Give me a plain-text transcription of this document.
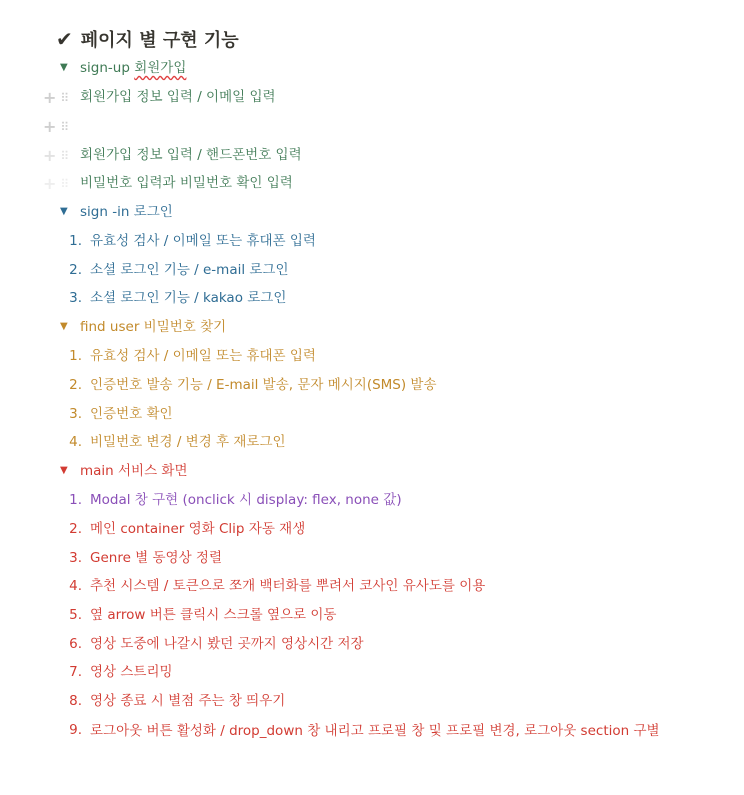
✔ 페이지 별 구현 기능
▼ sign-up
회원가입
+ ⠿ 회원가입 정보 입력 / 이메일 입력
+ ⠿
+ ⠿ 회원가입 정보 입력 / 핸드폰번호 입력
+ ⠿ 비밀번호 입력과 비밀번호 확인 입력
▼ sign -in 로그인
1. 유효성 검사 / 이메일 또는 휴대폰 입력
2. 소셜 로그인 기능 / e-mail 로그인
3. 소셜 로그인 기능 / kakao 로그인
▼ find user 비밀번호 찾기
1. 유효성 검사 / 이메일 또는 휴대폰 입력
2. 인증번호 발송 기능 / E-mail 발송, 문자 메시지(SMS) 발송
3. 인증번호 확인
4. 비밀번호 변경 / 변경 후 재로그인
▼ main 서비스 화면
1. Modal 창 구현 (onclick 시 display: flex, none 값)
2. 메인 container 영화 Clip 자동 재생
3. Genre 별 동영상 정렬
4. 추천 시스템 / 토큰으로 쪼개 백터화를 뿌려서 코사인 유사도를 이용
5. 옆 arrow 버튼 클릭시 스크롤 옆으로 이동
6. 영상 도중에 나갈시 봤던 곳까지 영상시간 저장
7. 영상 스트리밍
8. 영상 종료 시 별점 주는 창 띄우기
9. 로그아웃 버튼 활성화 / drop_down 창 내리고 프로필 창 및 프로필 변경, 로그아웃 section 구별
